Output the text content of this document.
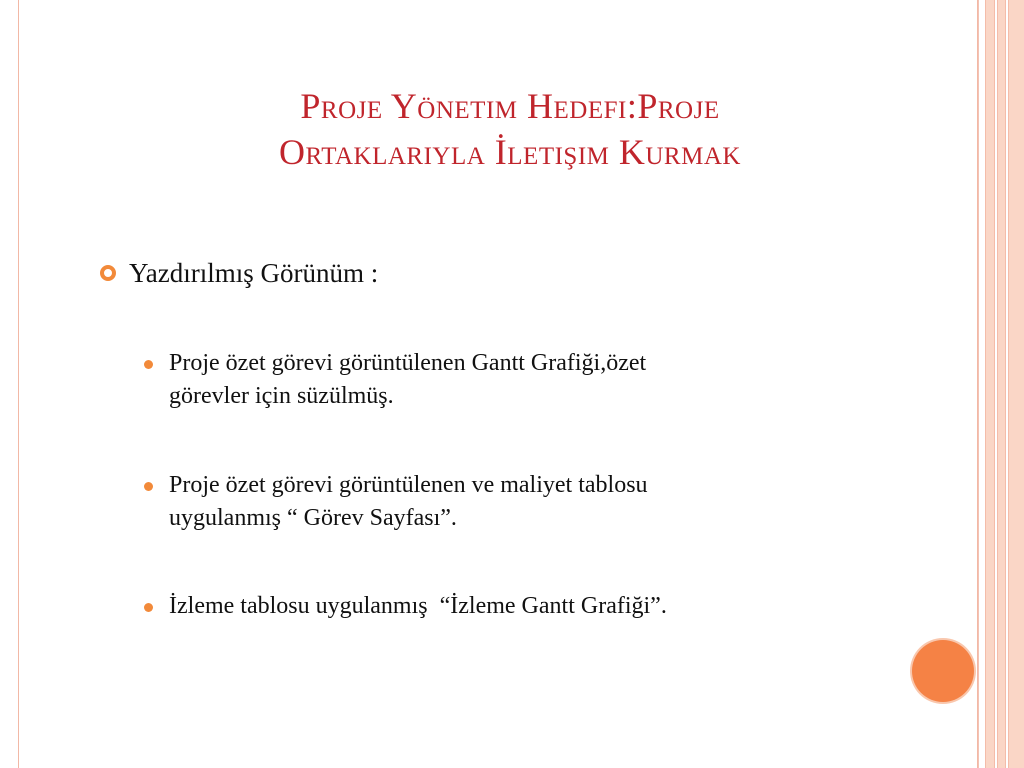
Proje Yönetim Hedefi:Proje
Ortaklarıyla İletişim Kurmak
Yazdırılmış Görünüm :
Proje özet görevi görüntülenen Gantt Grafiği,özet
görevler için süzülmüş.
Proje özet görevi görüntülenen ve maliyet tablosu
uygulanmış “ Görev Sayfası”.
İzleme tablosu uygulanmış  “İzleme Gantt Grafiği”.
